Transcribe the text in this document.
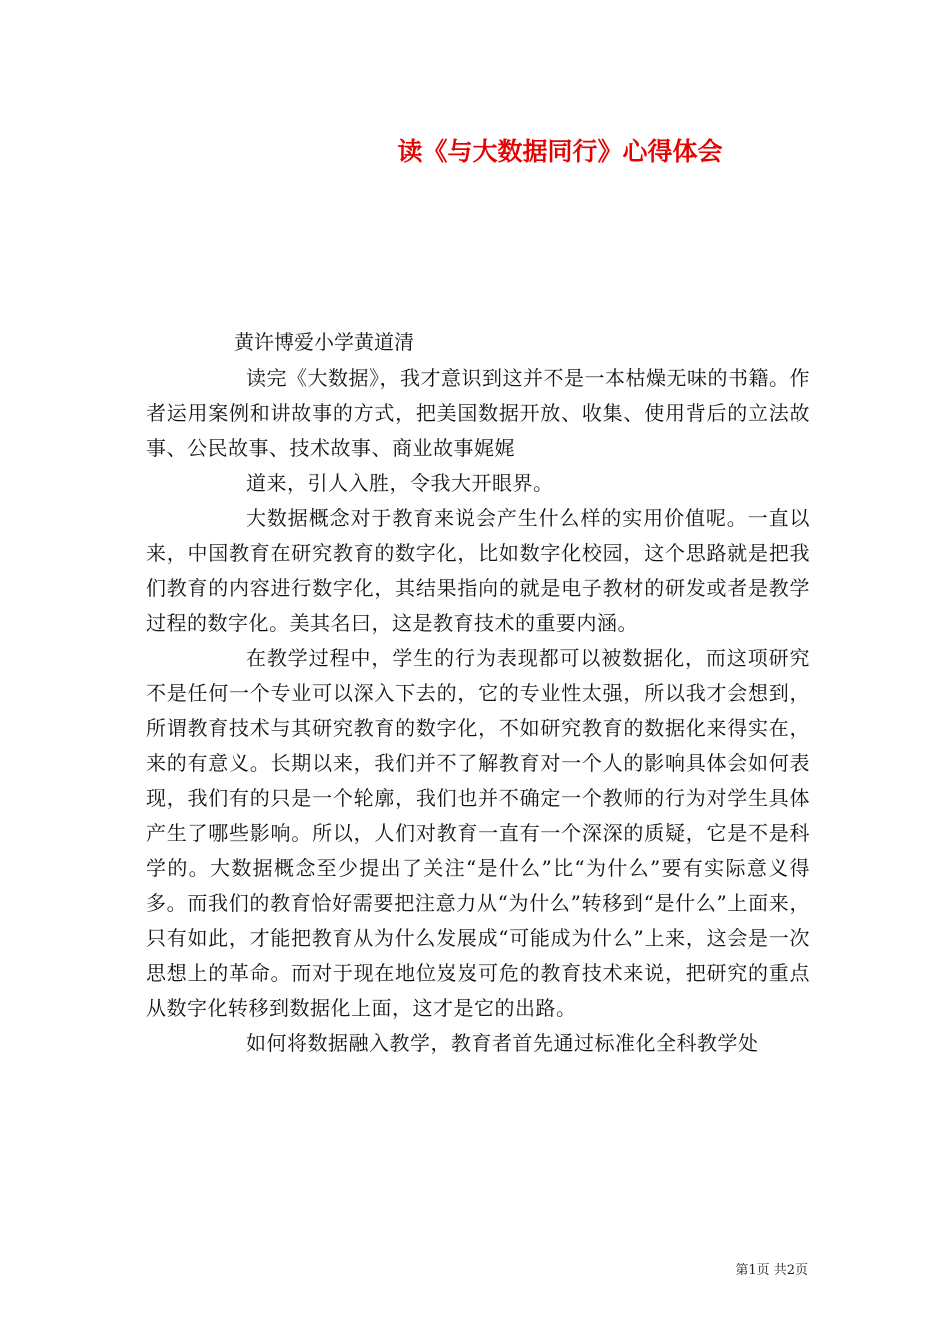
读《与大数据同行》心得体会

黄许博爱小学黄道清

读完《大数据》，我才意识到这并不是一本枯燥无味的书籍。作者运用案例和讲故事的方式，把美国数据开放、收集、使用背后的立法故事、公民故事、技术故事、商业故事娓娓

道来，引人入胜，令我大开眼界。

大数据概念对于教育来说会产生什么样的实用价值呢。一直以来，中国教育在研究教育的数字化，比如数字化校园，这个思路就是把我们教育的内容进行数字化，其结果指向的就是电子教材的研发或者是教学过程的数字化。美其名曰，这是教育技术的重要内涵。

在教学过程中，学生的行为表现都可以被数据化，而这项研究不是任何一个专业可以深入下去的，它的专业性太强，所以我才会想到，所谓教育技术与其研究教育的数字化，不如研究教育的数据化来得实在，来的有意义。长期以来，我们并不了解教育对一个人的影响具体会如何表现，我们有的只是一个轮廓，我们也并不确定一个教师的行为对学生具体产生了哪些影响。所以，人们对教育一直有一个深深的质疑，它是不是科学的。大数据概念至少提出了关注“是什么”比“为什么”要有实际意义得多。而我们的教育恰好需要把注意力从“为什么”转移到“是什么”上面来，只有如此，才能把教育从为什么发展成“可能成为什么”上来，这会是一次思想上的革命。而对于现在地位岌岌可危的教育技术来说，把研究的重点从数字化转移到数据化上面，这才是它的出路。

如何将数据融入教学，教育者首先通过标准化全科教学处

第1页 共2页
